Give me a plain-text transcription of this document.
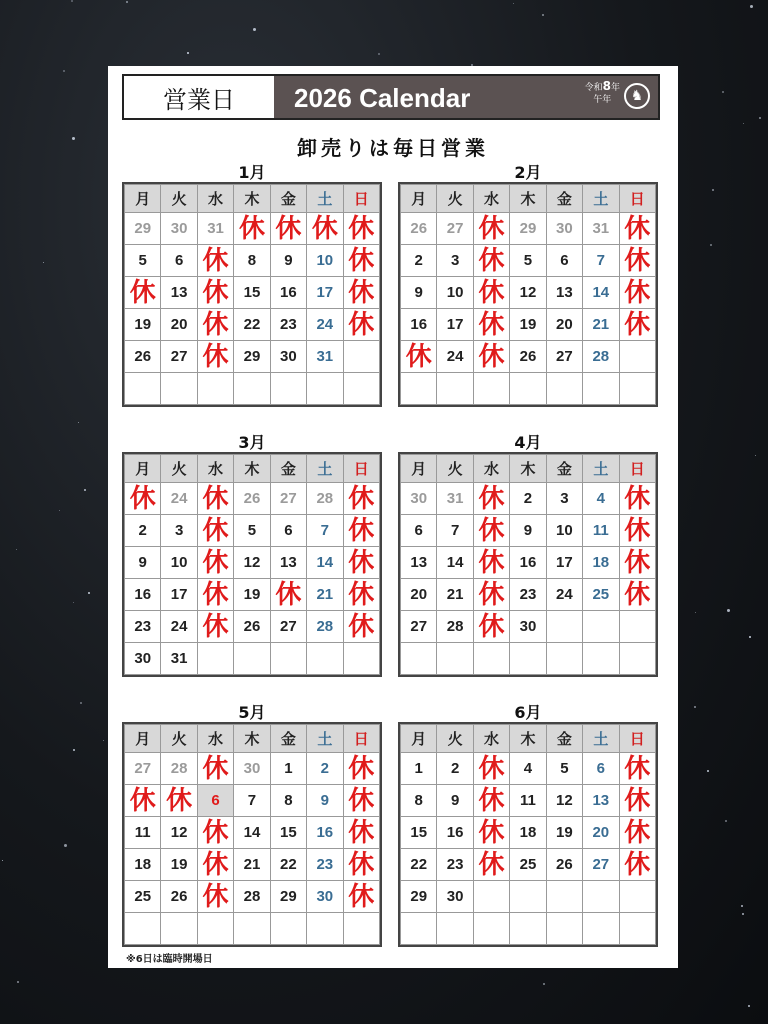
営業日	2026 Calendar	令和8年
午年	♞
卸売りは毎日営業
1月
月	火	水	木	金	土	日
29	30	31	休	休	休	休
5	6	休	8	9	10	休
休	13	休	15	16	17	休
19	20	休	22	23	24	休
26	27	休	29	30	31	

2月
月	火	水	木	金	土	日
26	27	休	29	30	31	休
2	3	休	5	6	7	休
9	10	休	12	13	14	休
16	17	休	19	20	21	休
休	24	休	26	27	28	

3月
月	火	水	木	金	土	日
休	24	休	26	27	28	休
2	3	休	5	6	7	休
9	10	休	12	13	14	休
16	17	休	19	休	21	休
23	24	休	26	27	28	休
30	31					
4月
月	火	水	木	金	土	日
30	31	休	2	3	4	休
6	7	休	9	10	11	休
13	14	休	16	17	18	休
20	21	休	23	24	25	休
27	28	休	30			

5月
月	火	水	木	金	土	日
27	28	休	30	1	2	休
休	休	6	7	8	9	休
11	12	休	14	15	16	休
18	19	休	21	22	23	休
25	26	休	28	29	30	休

6月
月	火	水	木	金	土	日
1	2	休	4	5	6	休
8	9	休	11	12	13	休
15	16	休	18	19	20	休
22	23	休	25	26	27	休
29	30					

※6日は臨時開場日
